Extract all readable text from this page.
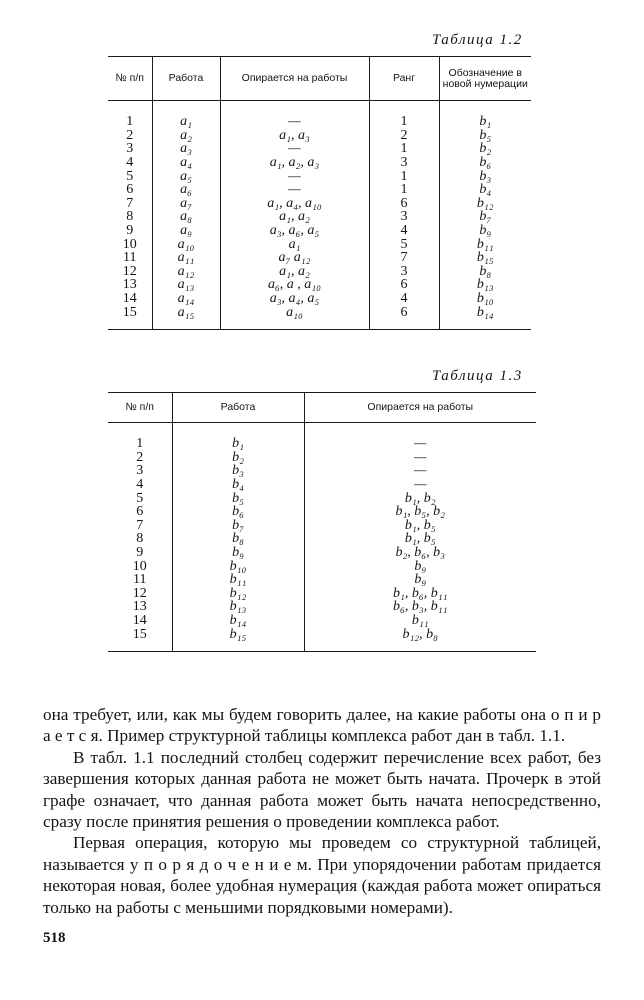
Таблица 1.2
№ п/п	Работа	Опирается на работы	Ранг	Обозначение в новой нумерации

1	a₁	—	1	b₁
2	a₂	a₁, a₃	2	b₅
3	a₃	—	1	b₂
4	a₄	a₁, a₂, a₃	3	b₆
5	a₅	—	1	b₃
6	a₆	—	1	b₄
7	a₇	a₁, a₄, a₁₀	6	b₁₂
8	a₈	a₁, a₂	3	b₇
9	a₉	a₃, a₆, a₅	4	b₉
10	a₁₀	a₁	5	b₁₁
11	a₁₁	a₇ a₁₂	7	b₁₅
12	a₁₂	a₁, a₂	3	b₈
13	a₁₃	a₆, a , a₁₀	6	b₁₃
14	a₁₄	a₃, a₄, a₅	4	b₁₀
15	a₁₅	a₁₀	6	b₁₄

Таблица 1.3
№ п/п	Работа	Опирается на работы

1	b₁	—
2	b₂	—
3	b₃	—
4	b₄	—
5	b₅	b₁, b₂
6	b₆	b₁, b₅, b₂
7	b₇	b₁, b₅
8	b₈	b₁, b₅
9	b₉	b₂, b₆, b₃
10	b₁₀	b₉
11	b₁₁	b₉
12	b₁₂	b₁, b₆, b₁₁
13	b₁₃	b₆, b₃, b₁₁
14	b₁₄	b₁₁
15	b₁₅	b₁₂, b₈

она требует, или, как мы будем говорить далее, на какие работы она о п и р а е т с я. Пример структурной таблицы комплекса работ дан в табл. 1.1.

В табл. 1.1 последний столбец содержит перечисление всех работ, без завершения которых данная работа не может быть начата. Прочерк в этой графе означает, что данная работа может быть начата непосредственно, сразу после принятия решения о проведении комплекса работ.

Первая операция, которую мы проведем со структурной таблицей, называется у п о р я д о ч е н и е м. При упорядочении работам придается некоторая новая, более удобная нумерация (каждая работа может опираться только на работы с меньшими порядковыми номерами).

518
